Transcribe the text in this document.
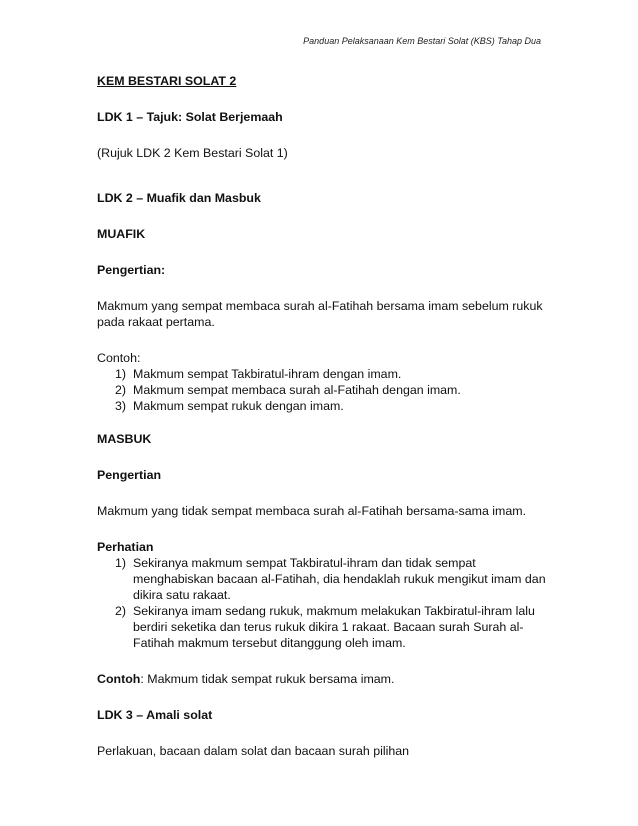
Panduan Pelaksanaan Kem Bestari Solat (KBS) Tahap Dua

KEM BESTARI SOLAT 2

LDK 1 – Tajuk: Solat Berjemaah

(Rujuk LDK 2 Kem Bestari Solat 1)

LDK 2 – Muafik dan Masbuk

MUAFIK

Pengertian:

Makmum yang sempat membaca surah al-Fatihah bersama imam sebelum rukuk pada rakaat pertama.

Contoh:

1) Makmum sempat Takbiratul-ihram dengan imam.
2) Makmum sempat membaca surah al-Fatihah dengan imam.
3) Makmum sempat rukuk dengan imam.

MASBUK

Pengertian

Makmum yang tidak sempat membaca surah al-Fatihah bersama-sama imam.

Perhatian

1) Sekiranya makmum sempat Takbiratul-ihram dan tidak sempat menghabiskan bacaan al-Fatihah, dia hendaklah rukuk mengikut imam dan dikira satu rakaat.
2) Sekiranya imam sedang rukuk, makmum melakukan Takbiratul-ihram lalu berdiri seketika dan terus rukuk dikira 1 rakaat. Bacaan surah Surah al-Fatihah makmum tersebut ditanggung oleh imam.

Contoh: Makmum tidak sempat rukuk bersama imam.

LDK 3 – Amali solat

Perlakuan, bacaan dalam solat dan bacaan surah pilihan
